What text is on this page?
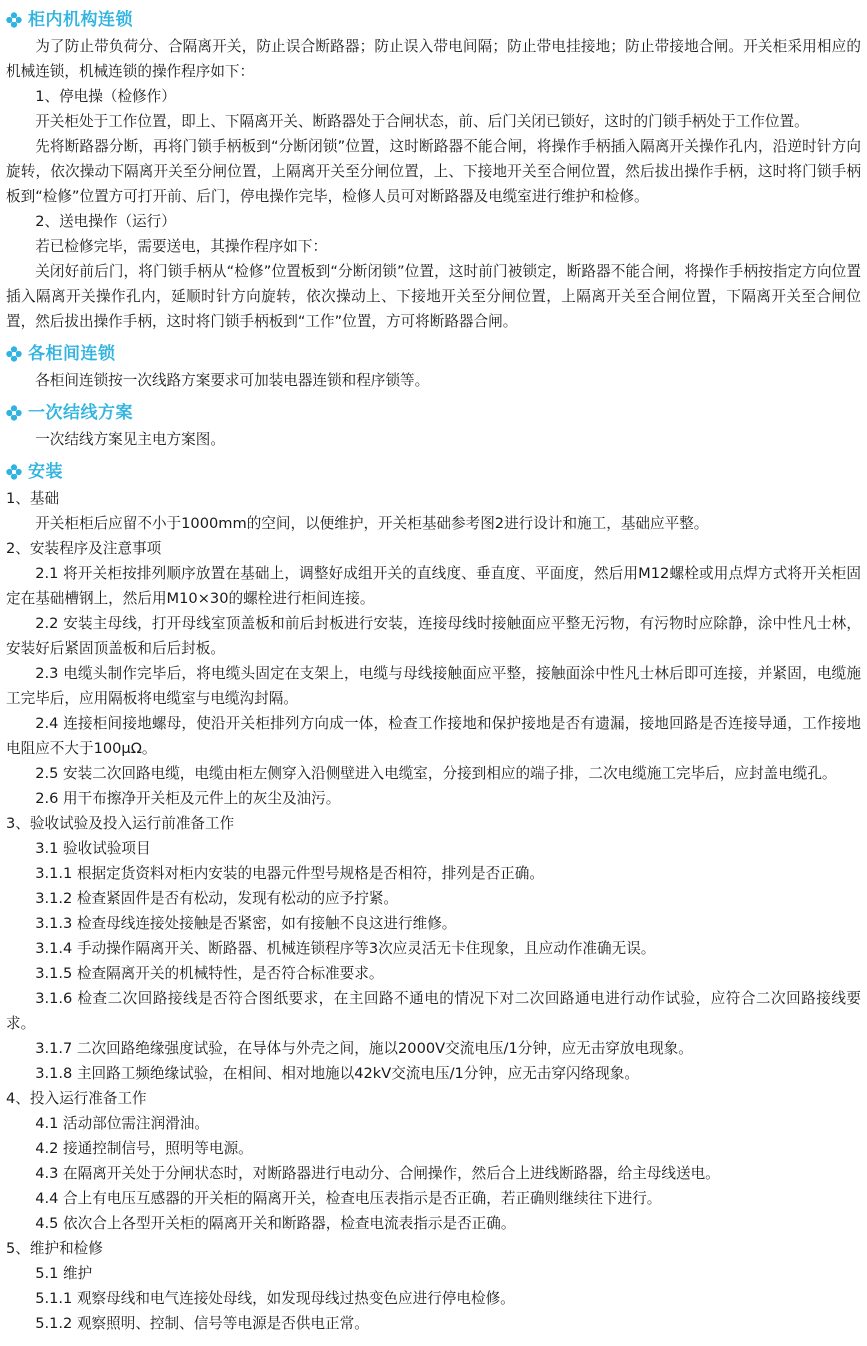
柜内机构连锁

为了防止带负荷分、合隔离开关，防止误合断路器；防止误入带电间隔；防止带电挂接地；防止带接地合闸。开关柜采用相应的机械连锁，机械连锁的操作程序如下：

1、停电操（检修作）

开关柜处于工作位置，即上、下隔离开关、断路器处于合闸状态，前、后门关闭已锁好，这时的门锁手柄处于工作位置。

先将断路器分断，再将门锁手柄板到“分断闭锁”位置，这时断路器不能合闸，将操作手柄插入隔离开关操作孔内，沿逆时针方向旋转，依次操动下隔离开关至分闸位置，上隔离开关至分闸位置，上、下接地开关至合闸位置，然后拔出操作手柄，这时将门锁手柄板到“检修”位置方可打开前、后门，停电操作完毕，检修人员可对断路器及电缆室进行维护和检修。

2、送电操作（运行）

若已检修完毕，需要送电，其操作程序如下：

关闭好前后门，将门锁手柄从“检修”位置板到“分断闭锁”位置，这时前门被锁定，断路器不能合闸，将操作手柄按指定方向位置插入隔离开关操作孔内，延顺时针方向旋转，依次操动上、下接地开关至分闸位置，上隔离开关至合闸位置，下隔离开关至合闸位置，然后拔出操作手柄，这时将门锁手柄板到“工作”位置，方可将断路器合闸。

各柜间连锁

各柜间连锁按一次线路方案要求可加装电器连锁和程序锁等。

一次结线方案

一次结线方案见主电方案图。

安装

1、基础

开关柜柜后应留不小于1000mm的空间，以便维护，开关柜基础参考图2进行设计和施工，基础应平整。

2、安装程序及注意事项

2.1 将开关柜按排列顺序放置在基础上，调整好成组开关的直线度、垂直度、平面度，然后用M12螺栓或用点焊方式将开关柜固定在基础槽钢上，然后用M10×30的螺栓进行柜间连接。

2.2 安装主母线，打开母线室顶盖板和前后封板进行安装，连接母线时接触面应平整无污物，有污物时应除静，涂中性凡士林，安装好后紧固顶盖板和后后封板。

2.3 电缆头制作完毕后，将电缆头固定在支架上，电缆与母线接触面应平整，接触面涂中性凡士林后即可连接，并紧固，电缆施工完毕后，应用隔板将电缆室与电缆沟封隔。

2.4 连接柜间接地螺母，使沿开关柜排列方向成一体，检查工作接地和保护接地是否有遗漏，接地回路是否连接导通，工作接地电阻应不大于100μΩ。

2.5 安装二次回路电缆，电缆由柜左侧穿入沿侧壁进入电缆室，分接到相应的端子排，二次电缆施工完毕后，应封盖电缆孔。

2.6 用干布擦净开关柜及元件上的灰尘及油污。

3、验收试验及投入运行前准备工作

3.1 验收试验项目

3.1.1 根据定货资料对柜内安装的电器元件型号规格是否相符，排列是否正确。

3.1.2 检查紧固件是否有松动，发现有松动的应予拧紧。

3.1.3 检查母线连接处接触是否紧密，如有接触不良这进行维修。

3.1.4 手动操作隔离开关、断路器、机械连锁程序等3次应灵活无卡住现象，且应动作准确无误。

3.1.5 检查隔离开关的机械特性，是否符合标准要求。

3.1.6 检查二次回路接线是否符合图纸要求，在主回路不通电的情况下对二次回路通电进行动作试验，应符合二次回路接线要求。

3.1.7 二次回路绝缘强度试验，在导体与外壳之间，施以2000V交流电压/1分钟，应无击穿放电现象。

3.1.8 主回路工频绝缘试验，在相间、相对地施以42kV交流电压/1分钟，应无击穿闪络现象。

4、投入运行准备工作

4.1 活动部位需注润滑油。

4.2 接通控制信号，照明等电源。

4.3 在隔离开关处于分闸状态时，对断路器进行电动分、合闸操作，然后合上进线断路器，给主母线送电。

4.4 合上有电压互感器的开关柜的隔离开关，检查电压表指示是否正确，若正确则继续往下进行。

4.5 依次合上各型开关柜的隔离开关和断路器，检查电流表指示是否正确。

5、维护和检修

5.1 维护

5.1.1 观察母线和电气连接处母线，如发现母线过热变色应进行停电检修。

5.1.2 观察照明、控制、信号等电源是否供电正常。
